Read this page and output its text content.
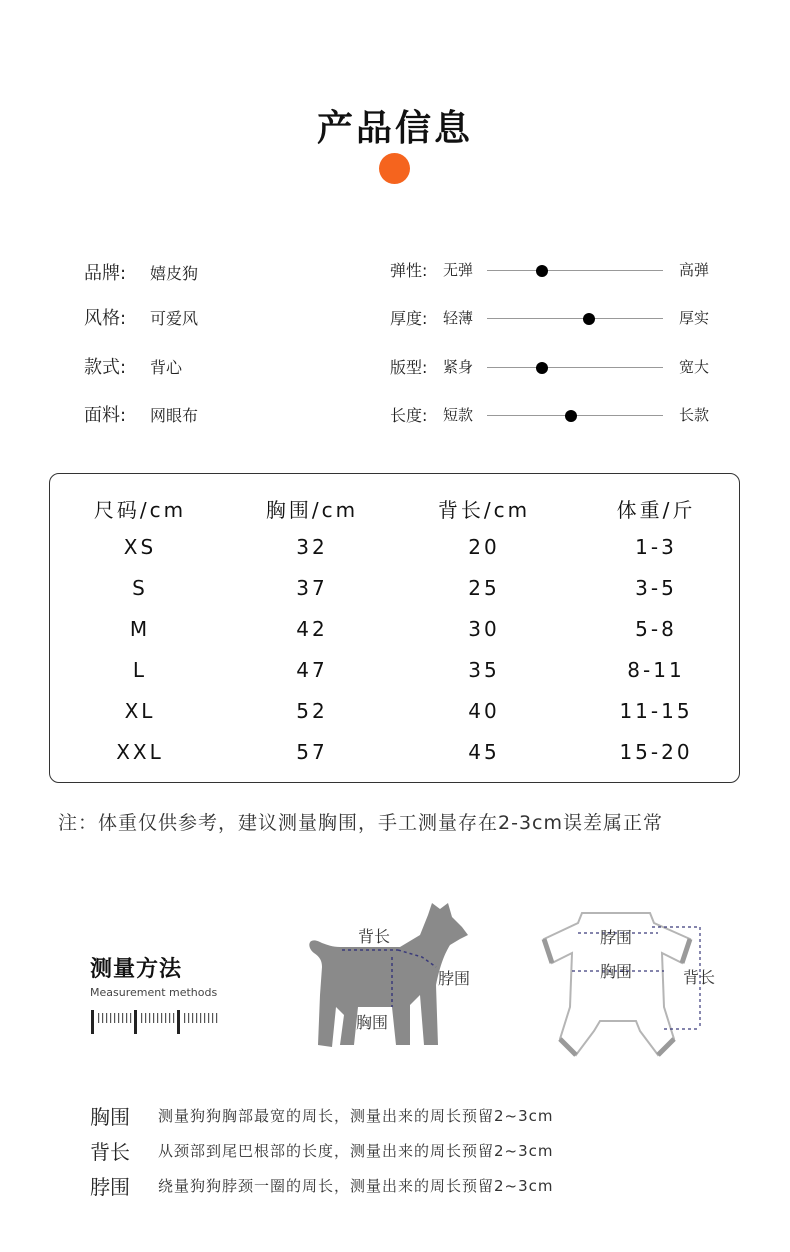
产品信息
品牌:	嬉皮狗
风格:	可爱风
款式:	背心
面料:	网眼布
弹性: 无弹	高弹
厚度: 轻薄	厚实
版型: 紧身	宽大
长度: 短款	长款
尺码/cm	胸围/cm	背长/cm	体重/斤
XS	32	20	1-3
S	37	25	3-5
M	42	30	5-8
L	47	35	8-11
XL	52	40	11-15
XXL	57	45	15-20
注：体重仅供参考，建议测量胸围，手工测量存在2-3cm误差属正常
测量方法
Measurement methods
背长
脖围
胸围
脖围
胸围	背长
胸围	测量狗狗胸部最宽的周长，测量出来的周长预留2~3cm
背长	从颈部到尾巴根部的长度，测量出来的周长预留2~3cm
脖围	绕量狗狗脖颈一圈的周长，测量出来的周长预留2~3cm
